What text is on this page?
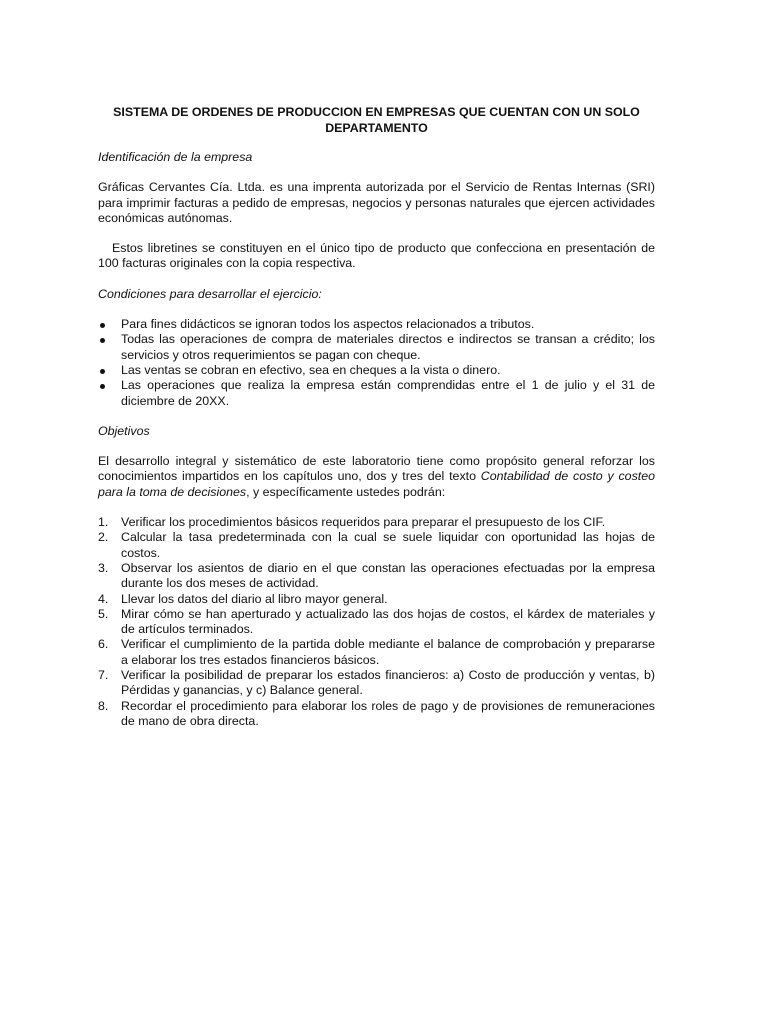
SISTEMA DE ORDENES DE PRODUCCION EN EMPRESAS QUE CUENTAN CON UN SOLO DEPARTAMENTO
Identificación de la empresa

Gráficas Cervantes Cía. Ltda. es una imprenta autorizada por el Servicio de Rentas Internas (SRI) para imprimir facturas a pedido de empresas, negocios y personas naturales que ejercen actividades económicas autónomas.

Estos libretines se constituyen en el único tipo de producto que confecciona en presentación de 100 facturas originales con la copia respectiva.

Condiciones para desarrollar el ejercicio:
Para fines didácticos se ignoran todos los aspectos relacionados a tributos.
Todas las operaciones de compra de materiales directos e indirectos se transan a crédito; los servicios y otros requerimientos se pagan con cheque.
Las ventas se cobran en efectivo, sea en cheques a la vista o dinero.
Las operaciones que realiza la empresa están comprendidas entre el 1 de julio y el 31 de diciembre de 20XX.
Objetivos

El desarrollo integral y sistemático de este laboratorio tiene como propósito general reforzar los conocimientos impartidos en los capítulos uno, dos y tres del texto Contabilidad de costo y costeo para la toma de decisiones, y específicamente ustedes podrán:

1. Verificar los procedimientos básicos requeridos para preparar el presupuesto de los CIF.
2. Calcular la tasa predeterminada con la cual se suele liquidar con oportunidad las hojas de costos.
3. Observar los asientos de diario en el que constan las operaciones efectuadas por la empresa durante los dos meses de actividad.
4. Llevar los datos del diario al libro mayor general.
5. Mirar cómo se han aperturado y actualizado las dos hojas de costos, el kárdex de materiales y de artículos terminados.
6. Verificar el cumplimiento de la partida doble mediante el balance de comprobación y prepararse a elaborar los tres estados financieros básicos.
7. Verificar la posibilidad de preparar los estados financieros: a) Costo de producción y ventas, b) Pérdidas y ganancias, y c) Balance general.
8. Recordar el procedimiento para elaborar los roles de pago y de provisiones de remuneraciones de mano de obra directa.
